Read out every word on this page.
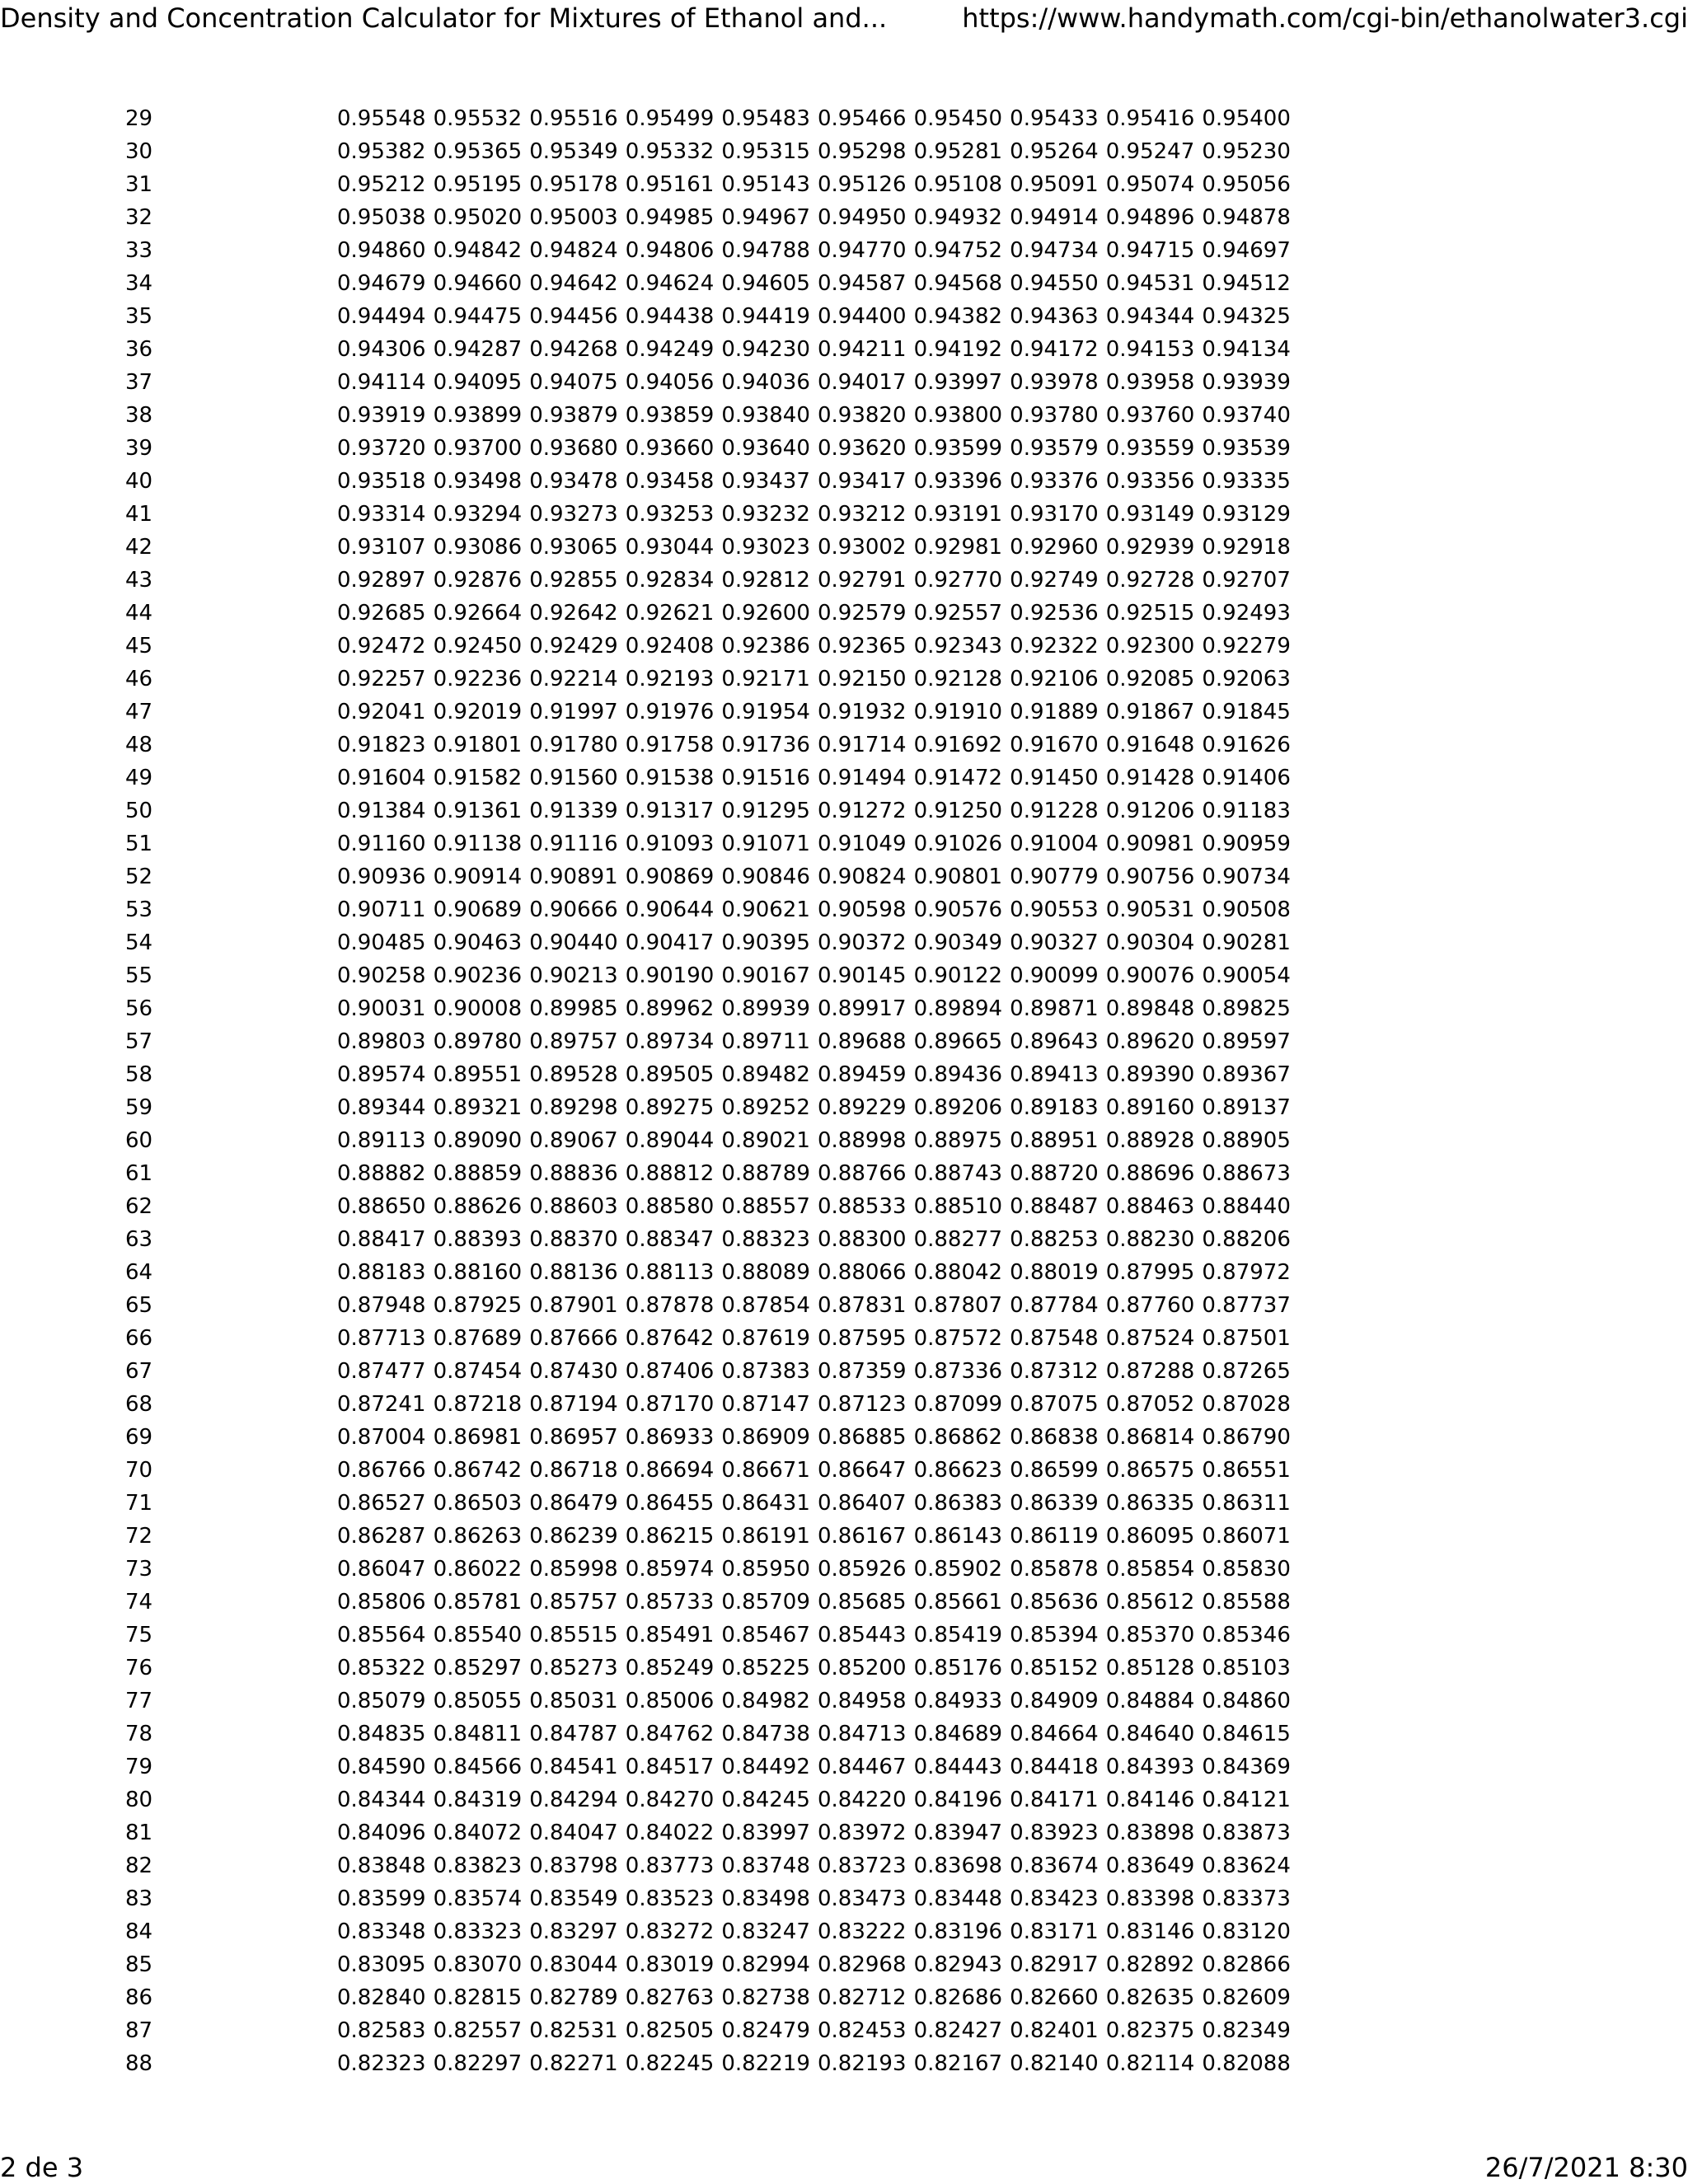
Density and Concentration Calculator for Mixtures of Ethanol and...	https://www.handymath.com/cgi-bin/ethanolwater3.cgi
29	0.95548	0.95532	0.95516	0.95499	0.95483	0.95466	0.95450	0.95433	0.95416	0.95400
30	0.95382	0.95365	0.95349	0.95332	0.95315	0.95298	0.95281	0.95264	0.95247	0.95230
31	0.95212	0.95195	0.95178	0.95161	0.95143	0.95126	0.95108	0.95091	0.95074	0.95056
32	0.95038	0.95020	0.95003	0.94985	0.94967	0.94950	0.94932	0.94914	0.94896	0.94878
33	0.94860	0.94842	0.94824	0.94806	0.94788	0.94770	0.94752	0.94734	0.94715	0.94697
34	0.94679	0.94660	0.94642	0.94624	0.94605	0.94587	0.94568	0.94550	0.94531	0.94512
35	0.94494	0.94475	0.94456	0.94438	0.94419	0.94400	0.94382	0.94363	0.94344	0.94325
36	0.94306	0.94287	0.94268	0.94249	0.94230	0.94211	0.94192	0.94172	0.94153	0.94134
37	0.94114	0.94095	0.94075	0.94056	0.94036	0.94017	0.93997	0.93978	0.93958	0.93939
38	0.93919	0.93899	0.93879	0.93859	0.93840	0.93820	0.93800	0.93780	0.93760	0.93740
39	0.93720	0.93700	0.93680	0.93660	0.93640	0.93620	0.93599	0.93579	0.93559	0.93539
40	0.93518	0.93498	0.93478	0.93458	0.93437	0.93417	0.93396	0.93376	0.93356	0.93335
41	0.93314	0.93294	0.93273	0.93253	0.93232	0.93212	0.93191	0.93170	0.93149	0.93129
42	0.93107	0.93086	0.93065	0.93044	0.93023	0.93002	0.92981	0.92960	0.92939	0.92918
43	0.92897	0.92876	0.92855	0.92834	0.92812	0.92791	0.92770	0.92749	0.92728	0.92707
44	0.92685	0.92664	0.92642	0.92621	0.92600	0.92579	0.92557	0.92536	0.92515	0.92493
45	0.92472	0.92450	0.92429	0.92408	0.92386	0.92365	0.92343	0.92322	0.92300	0.92279
46	0.92257	0.92236	0.92214	0.92193	0.92171	0.92150	0.92128	0.92106	0.92085	0.92063
47	0.92041	0.92019	0.91997	0.91976	0.91954	0.91932	0.91910	0.91889	0.91867	0.91845
48	0.91823	0.91801	0.91780	0.91758	0.91736	0.91714	0.91692	0.91670	0.91648	0.91626
49	0.91604	0.91582	0.91560	0.91538	0.91516	0.91494	0.91472	0.91450	0.91428	0.91406
50	0.91384	0.91361	0.91339	0.91317	0.91295	0.91272	0.91250	0.91228	0.91206	0.91183
51	0.91160	0.91138	0.91116	0.91093	0.91071	0.91049	0.91026	0.91004	0.90981	0.90959
52	0.90936	0.90914	0.90891	0.90869	0.90846	0.90824	0.90801	0.90779	0.90756	0.90734
53	0.90711	0.90689	0.90666	0.90644	0.90621	0.90598	0.90576	0.90553	0.90531	0.90508
54	0.90485	0.90463	0.90440	0.90417	0.90395	0.90372	0.90349	0.90327	0.90304	0.90281
55	0.90258	0.90236	0.90213	0.90190	0.90167	0.90145	0.90122	0.90099	0.90076	0.90054
56	0.90031	0.90008	0.89985	0.89962	0.89939	0.89917	0.89894	0.89871	0.89848	0.89825
57	0.89803	0.89780	0.89757	0.89734	0.89711	0.89688	0.89665	0.89643	0.89620	0.89597
58	0.89574	0.89551	0.89528	0.89505	0.89482	0.89459	0.89436	0.89413	0.89390	0.89367
59	0.89344	0.89321	0.89298	0.89275	0.89252	0.89229	0.89206	0.89183	0.89160	0.89137
60	0.89113	0.89090	0.89067	0.89044	0.89021	0.88998	0.88975	0.88951	0.88928	0.88905
61	0.88882	0.88859	0.88836	0.88812	0.88789	0.88766	0.88743	0.88720	0.88696	0.88673
62	0.88650	0.88626	0.88603	0.88580	0.88557	0.88533	0.88510	0.88487	0.88463	0.88440
63	0.88417	0.88393	0.88370	0.88347	0.88323	0.88300	0.88277	0.88253	0.88230	0.88206
64	0.88183	0.88160	0.88136	0.88113	0.88089	0.88066	0.88042	0.88019	0.87995	0.87972
65	0.87948	0.87925	0.87901	0.87878	0.87854	0.87831	0.87807	0.87784	0.87760	0.87737
66	0.87713	0.87689	0.87666	0.87642	0.87619	0.87595	0.87572	0.87548	0.87524	0.87501
67	0.87477	0.87454	0.87430	0.87406	0.87383	0.87359	0.87336	0.87312	0.87288	0.87265
68	0.87241	0.87218	0.87194	0.87170	0.87147	0.87123	0.87099	0.87075	0.87052	0.87028
69	0.87004	0.86981	0.86957	0.86933	0.86909	0.86885	0.86862	0.86838	0.86814	0.86790
70	0.86766	0.86742	0.86718	0.86694	0.86671	0.86647	0.86623	0.86599	0.86575	0.86551
71	0.86527	0.86503	0.86479	0.86455	0.86431	0.86407	0.86383	0.86339	0.86335	0.86311
72	0.86287	0.86263	0.86239	0.86215	0.86191	0.86167	0.86143	0.86119	0.86095	0.86071
73	0.86047	0.86022	0.85998	0.85974	0.85950	0.85926	0.85902	0.85878	0.85854	0.85830
74	0.85806	0.85781	0.85757	0.85733	0.85709	0.85685	0.85661	0.85636	0.85612	0.85588
75	0.85564	0.85540	0.85515	0.85491	0.85467	0.85443	0.85419	0.85394	0.85370	0.85346
76	0.85322	0.85297	0.85273	0.85249	0.85225	0.85200	0.85176	0.85152	0.85128	0.85103
77	0.85079	0.85055	0.85031	0.85006	0.84982	0.84958	0.84933	0.84909	0.84884	0.84860
78	0.84835	0.84811	0.84787	0.84762	0.84738	0.84713	0.84689	0.84664	0.84640	0.84615
79	0.84590	0.84566	0.84541	0.84517	0.84492	0.84467	0.84443	0.84418	0.84393	0.84369
80	0.84344	0.84319	0.84294	0.84270	0.84245	0.84220	0.84196	0.84171	0.84146	0.84121
81	0.84096	0.84072	0.84047	0.84022	0.83997	0.83972	0.83947	0.83923	0.83898	0.83873
82	0.83848	0.83823	0.83798	0.83773	0.83748	0.83723	0.83698	0.83674	0.83649	0.83624
83	0.83599	0.83574	0.83549	0.83523	0.83498	0.83473	0.83448	0.83423	0.83398	0.83373
84	0.83348	0.83323	0.83297	0.83272	0.83247	0.83222	0.83196	0.83171	0.83146	0.83120
85	0.83095	0.83070	0.83044	0.83019	0.82994	0.82968	0.82943	0.82917	0.82892	0.82866
86	0.82840	0.82815	0.82789	0.82763	0.82738	0.82712	0.82686	0.82660	0.82635	0.82609
87	0.82583	0.82557	0.82531	0.82505	0.82479	0.82453	0.82427	0.82401	0.82375	0.82349
88	0.82323	0.82297	0.82271	0.82245	0.82219	0.82193	0.82167	0.82140	0.82114	0.82088
2 de 3	26/7/2021 8:30
